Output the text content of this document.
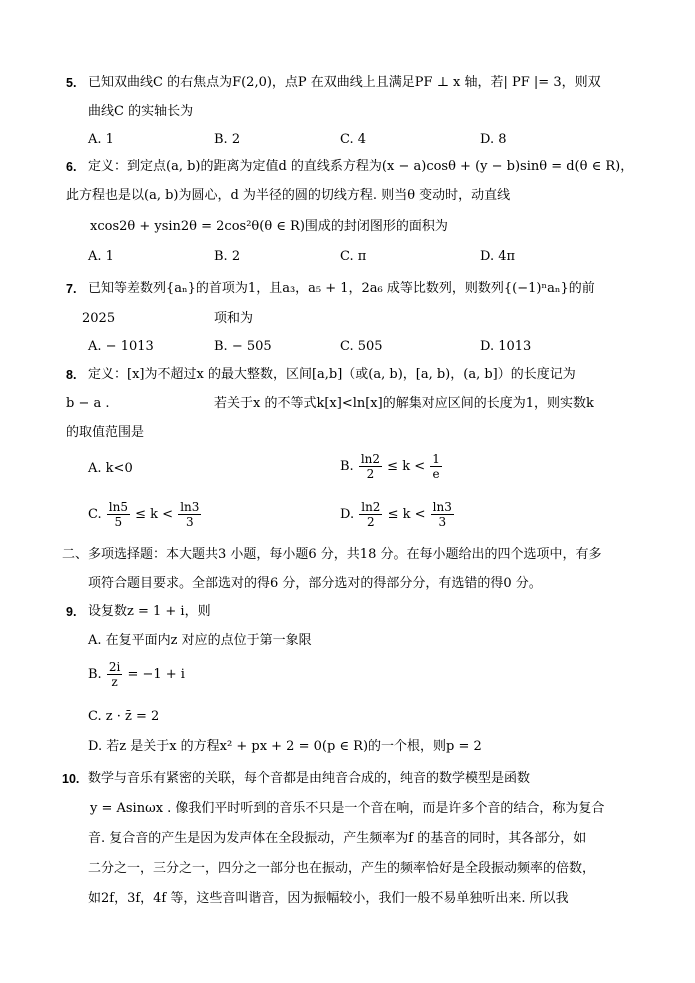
5. 已知双曲线C 的右焦点为F(2,0)，点P 在双曲线上且满足PF ⊥ x 轴，若| PF |= 3，则双
曲线C 的实轴长为
A. 1	B. 2	C. 4	D. 8
6. 定义：到定点(a, b)的距离为定值d 的直线系方程为(x − a)cosθ + (y − b)sinθ = d(θ ∈ R)，
此方程也是以(a, b)为圆心，d 为半径的圆的切线方程. 则当θ 变动时，动直线
xcos2θ + ysin2θ = 2cos²θ(θ ∈ R)围成的封闭图形的面积为
A. 1	B. 2	C. π	D. 4π
7. 已知等差数列{aₙ}的首项为1，且a₃，a₅ + 1，2a₆ 成等比数列，则数列{(−1)ⁿaₙ}的前
2025	项和为
A. − 1013	B. − 505	C. 505	D. 1013
8. 定义：[x]为不超过x 的最大整数，区间[a,b]（或(a, b)，[a, b)，(a, b]）的长度记为
b − a .	若关于x 的不等式k[x]<ln[x]的解集对应区间的长度为1，则实数k
的取值范围是
A. k<0	B. $\frac{\ln 2}{2} \le k < \frac{1}{e}$
C. $\frac{\ln 5}{5} \le k < \frac{\ln 3}{3}$	D. $\frac{\ln 2}{2} \le k < \frac{\ln 3}{3}$
二、多项选择题：本大题共3 小题，每小题6 分，共18 分。在每小题给出的四个选项中，有多
项符合题目要求。全部选对的得6 分，部分选对的得部分分，有选错的得0 分。
9. 设复数z = 1 + i，则
A. 在复平面内z 对应的点位于第一象限
B. $\frac{2i}{z} = -1 + i$
C. z · z̄ = 2
D. 若z 是关于x 的方程x² + px + 2 = 0(p ∈ R)的一个根，则p = 2
10. 数学与音乐有紧密的关联，每个音都是由纯音合成的，纯音的数学模型是函数
y = Asinωx . 像我们平时听到的音乐不只是一个音在响，而是许多个音的结合，称为复合
音. 复合音的产生是因为发声体在全段振动，产生频率为f 的基音的同时，其各部分，如
二分之一，三分之一，四分之一部分也在振动，产生的频率恰好是全段振动频率的倍数，
如2f，3f，4f 等，这些音叫谐音，因为振幅较小，我们一般不易单独听出来. 所以我
